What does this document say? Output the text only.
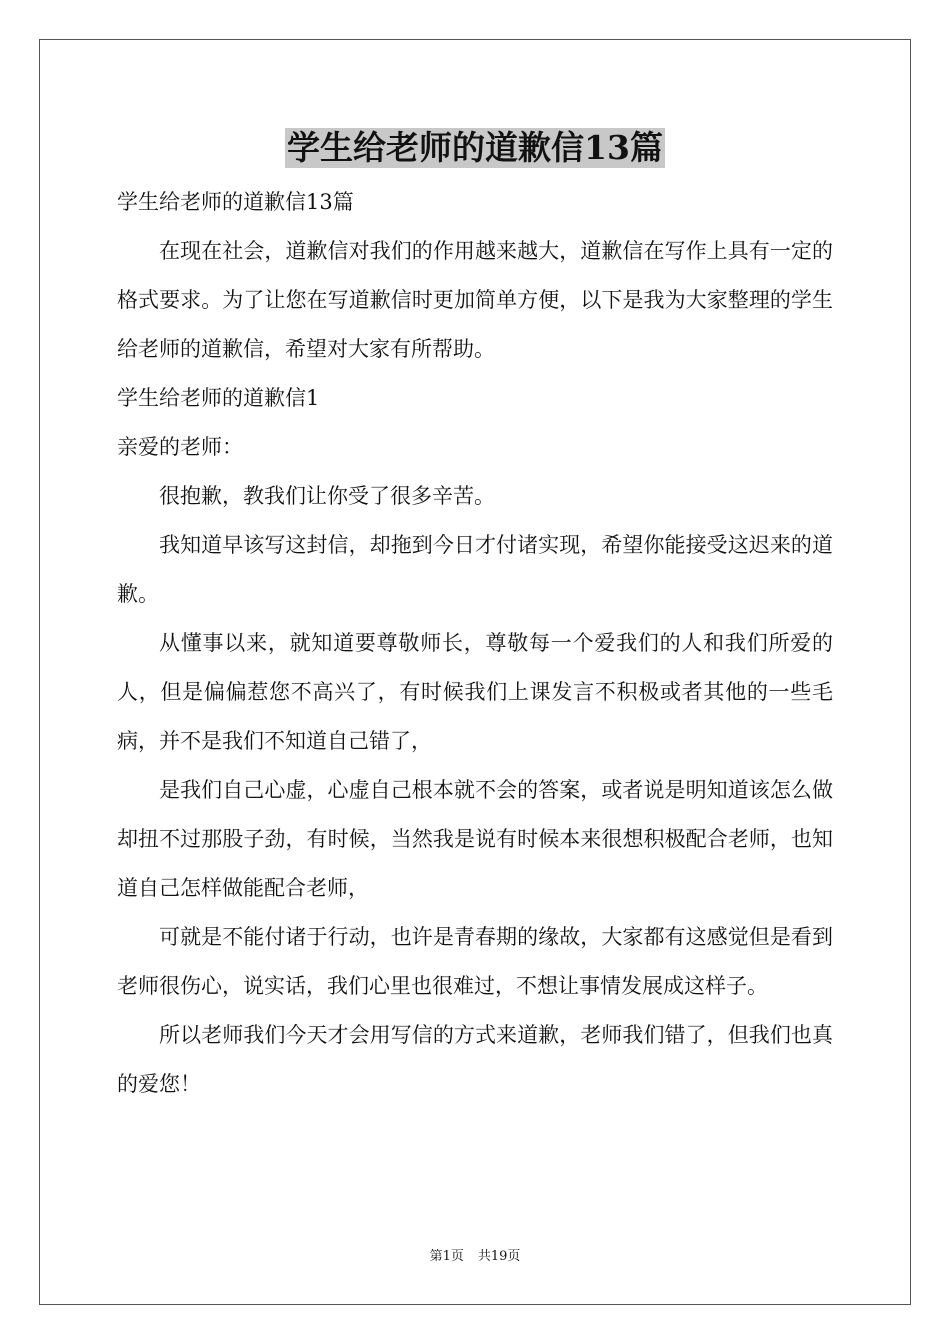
学生给老师的道歉信13篇

学生给老师的道歉信13篇

在现在社会，道歉信对我们的作用越来越大，道歉信在写作上具有一定的格式要求。为了让您在写道歉信时更加简单方便，以下是我为大家整理的学生给老师的道歉信，希望对大家有所帮助。

学生给老师的道歉信1

亲爱的老师：

很抱歉，教我们让你受了很多辛苦。

我知道早该写这封信，却拖到今日才付诸实现，希望你能接受这迟来的道歉。

从懂事以来，就知道要尊敬师长，尊敬每一个爱我们的人和我们所爱的人，但是偏偏惹您不高兴了，有时候我们上课发言不积极或者其他的一些毛病，并不是我们不知道自己错了，

是我们自己心虚，心虚自己根本就不会的答案，或者说是明知道该怎么做却扭不过那股子劲，有时候，当然我是说有时候本来很想积极配合老师，也知道自己怎样做能配合老师，

可就是不能付诸于行动，也许是青春期的缘故，大家都有这感觉但是看到老师很伤心，说实话，我们心里也很难过，不想让事情发展成这样子。

所以老师我们今天才会用写信的方式来道歉，老师我们错了，但我们也真的爱您！

第1页 共19页
